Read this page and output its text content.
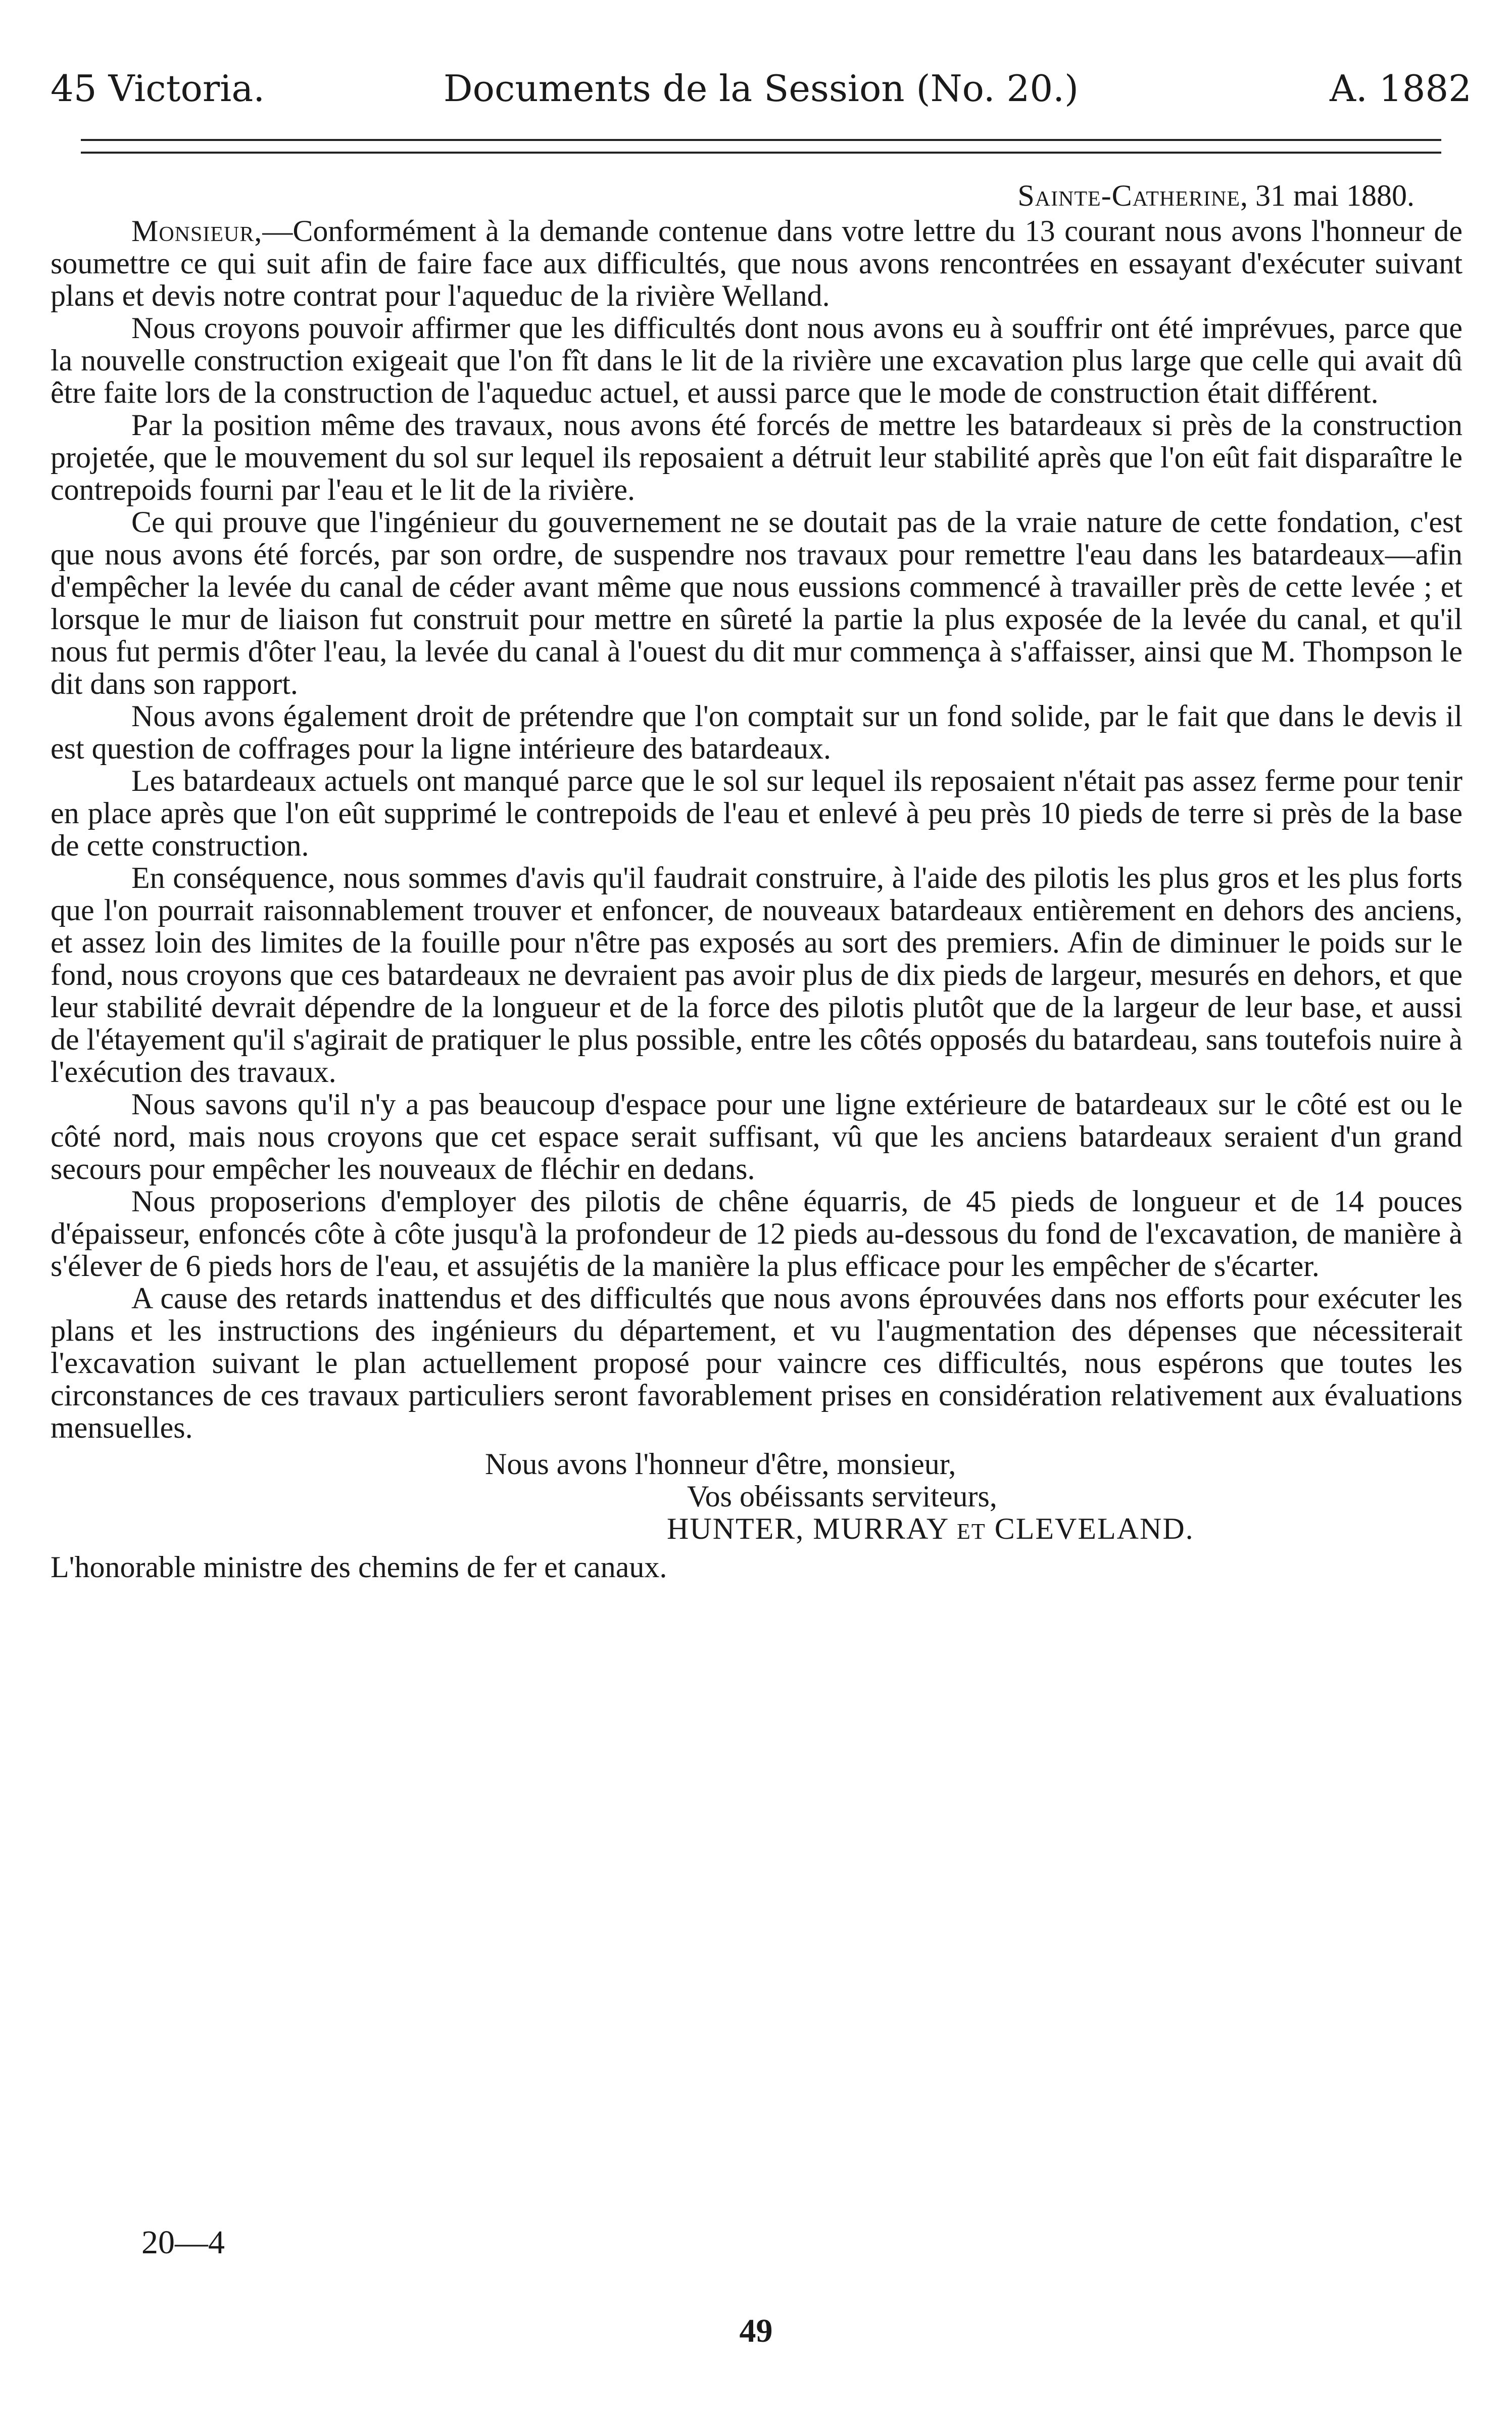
45 Victoria.	Documents de la Session (No. 20.)	A. 1882
Sainte-Catherine, 31 mai 1880.

Monsieur,—Conformément à la demande contenue dans votre lettre du 13 courant nous avons l'honneur de soumettre ce qui suit afin de faire face aux difficultés, que nous avons rencontrées en essayant d'exécuter suivant plans et devis notre contrat pour l'aqueduc de la rivière Welland.

Nous croyons pouvoir affirmer que les difficultés dont nous avons eu à souffrir ont été imprévues, parce que la nouvelle construction exigeait que l'on fît dans le lit de la rivière une excavation plus large que celle qui avait dû être faite lors de la construction de l'aqueduc actuel, et aussi parce que le mode de construction était différent.

Par la position même des travaux, nous avons été forcés de mettre les batardeaux si près de la construction projetée, que le mouvement du sol sur lequel ils reposaient a détruit leur stabilité après que l'on eût fait disparaître le contrepoids fourni par l'eau et le lit de la rivière.

Ce qui prouve que l'ingénieur du gouvernement ne se doutait pas de la vraie nature de cette fondation, c'est que nous avons été forcés, par son ordre, de suspendre nos travaux pour remettre l'eau dans les batardeaux—afin d'empêcher la levée du canal de céder avant même que nous eussions commencé à travailler près de cette levée ; et lorsque le mur de liaison fut construit pour mettre en sûreté la partie la plus exposée de la levée du canal, et qu'il nous fut permis d'ôter l'eau, la levée du canal à l'ouest du dit mur commença à s'affaisser, ainsi que M. Thompson le dit dans son rapport.

Nous avons également droit de prétendre que l'on comptait sur un fond solide, par le fait que dans le devis il est question de coffrages pour la ligne intérieure des batardeaux.

Les batardeaux actuels ont manqué parce que le sol sur lequel ils reposaient n'était pas assez ferme pour tenir en place après que l'on eût supprimé le contrepoids de l'eau et enlevé à peu près 10 pieds de terre si près de la base de cette construction.

En conséquence, nous sommes d'avis qu'il faudrait construire, à l'aide des pilotis les plus gros et les plus forts que l'on pourrait raisonnablement trouver et enfoncer, de nouveaux batardeaux entièrement en dehors des anciens, et assez loin des limites de la fouille pour n'être pas exposés au sort des premiers. Afin de diminuer le poids sur le fond, nous croyons que ces batardeaux ne devraient pas avoir plus de dix pieds de largeur, mesurés en dehors, et que leur stabilité devrait dépendre de la longueur et de la force des pilotis plutôt que de la largeur de leur base, et aussi de l'étayement qu'il s'agirait de pratiquer le plus possible, entre les côtés opposés du batardeau, sans toutefois nuire à l'exécution des travaux.

Nous savons qu'il n'y a pas beaucoup d'espace pour une ligne extérieure de batardeaux sur le côté est ou le côté nord, mais nous croyons que cet espace serait suffisant, vû que les anciens batardeaux seraient d'un grand secours pour empêcher les nouveaux de fléchir en dedans.

Nous proposerions d'employer des pilotis de chêne équarris, de 45 pieds de longueur et de 14 pouces d'épaisseur, enfoncés côte à côte jusqu'à la profondeur de 12 pieds au-dessous du fond de l'excavation, de manière à s'élever de 6 pieds hors de l'eau, et assujétis de la manière la plus efficace pour les empêcher de s'écarter.

A cause des retards inattendus et des difficultés que nous avons éprouvées dans nos efforts pour exécuter les plans et les instructions des ingénieurs du département, et vu l'augmentation des dépenses que nécessiterait l'excavation suivant le plan actuellement proposé pour vaincre ces difficultés, nous espérons que toutes les circonstances de ces travaux particuliers seront favorablement prises en considération relativement aux évaluations mensuelles.

Nous avons l'honneur d'être, monsieur,
Vos obéissants serviteurs,
HUNTER, MURRAY ET CLEVELAND.
L'honorable ministre des chemins de fer et canaux.
20—4
49
